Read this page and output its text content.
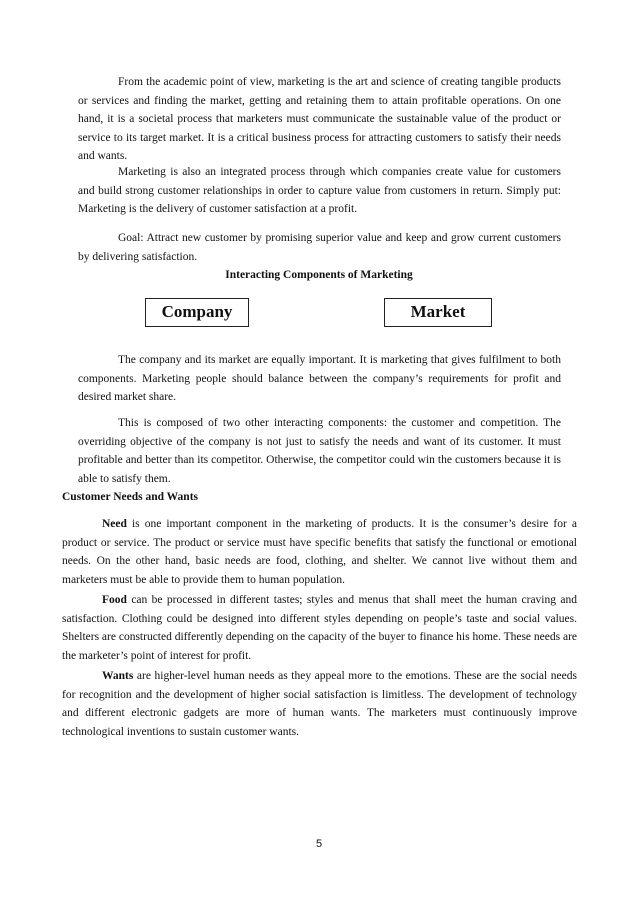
From the academic point of view, marketing is the art and science of creating tangible products or services and finding the market, getting and retaining them to attain profitable operations. On one hand, it is a societal process that marketers must communicate the sustainable value of the product or service to its target market. It is a critical business process for attracting customers to satisfy their needs and wants.

Marketing is also an integrated process through which companies create value for customers and build strong customer relationships in order to capture value from customers in return. Simply put: Marketing is the delivery of customer satisfaction at a profit.

Goal: Attract new customer by promising superior value and keep and grow current customers by delivering satisfaction.

Interacting Components of Marketing

Company	Market

The company and its market are equally important. It is marketing that gives fulfilment to both components. Marketing people should balance between the company’s requirements for profit and desired market share.

This is composed of two other interacting components: the customer and competition. The overriding objective of the company is not just to satisfy the needs and want of its customer. It must profitable and better than its competitor. Otherwise, the competitor could win the customers because it is able to satisfy them.

Customer Needs and Wants

Need is one important component in the marketing of products. It is the consumer’s desire for a product or service. The product or service must have specific benefits that satisfy the functional or emotional needs. On the other hand, basic needs are food, clothing, and shelter. We cannot live without them and marketers must be able to provide them to human population.

Food can be processed in different tastes; styles and menus that shall meet the human craving and satisfaction. Clothing could be designed into different styles depending on people’s taste and social values. Shelters are constructed differently depending on the capacity of the buyer to finance his home. These needs are the marketer’s point of interest for profit.

Wants are higher-level human needs as they appeal more to the emotions. These are the social needs for recognition and the development of higher social satisfaction is limitless. The development of technology and different electronic gadgets are more of human wants. The marketers must continuously improve technological inventions to sustain customer wants.

5
